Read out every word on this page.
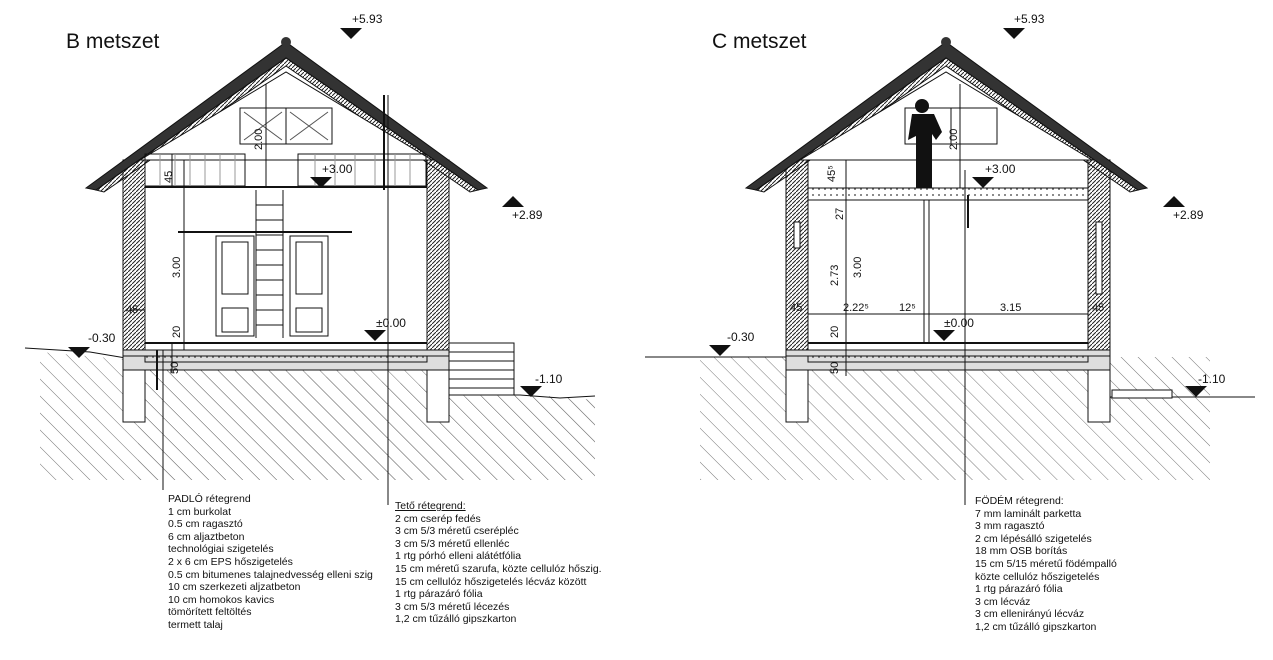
2.00
45
3.00
45
20
50
2.00
45⁵
27
2.73 3.00
45	2.22⁵	12⁵	3.15	45
20
50
B metszet	C metszet
+5.93
+2.89
+3.00
±0.00
-0.30
-1.10
+5.93
+2.89
+3.00
±0.00
-0.30
-1.10
PADLÓ rétegrend
1 cm burkolat
0.5 cm ragasztó
6 cm aljaztbeton
technológiai szigetelés
2 x 6 cm EPS hőszigetelés
0.5 cm bitumenes talajnedvesség elleni szig
10 cm szerkezeti aljzatbeton
10 cm homokos kavics
tömörített feltöltés
termett talaj
Tető rétegrend:
2 cm cserép fedés
3 cm 5/3 méretű cserépléc
3 cm 5/3 méretű ellenléc
1 rtg pórhó elleni alátétfólia
15 cm méretű szarufa, közte cellulóz hőszig.
15 cm cellulóz hőszigetelés lécváz között
1 rtg párazáró fólia
3 cm 5/3 méretű lécezés
1,2 cm tűzálló gipszkarton
FÖDÉM rétegrend:
7 mm laminált parketta
3 mm ragasztó
2 cm lépésálló szigetelés
18 mm OSB borítás
15 cm 5/15 méretű födémpalló
közte cellulóz hőszigetelés
1 rtg párazáró fólia
3 cm lécváz
3 cm ellenirányú lécváz
1,2 cm tűzálló gipszkarton
